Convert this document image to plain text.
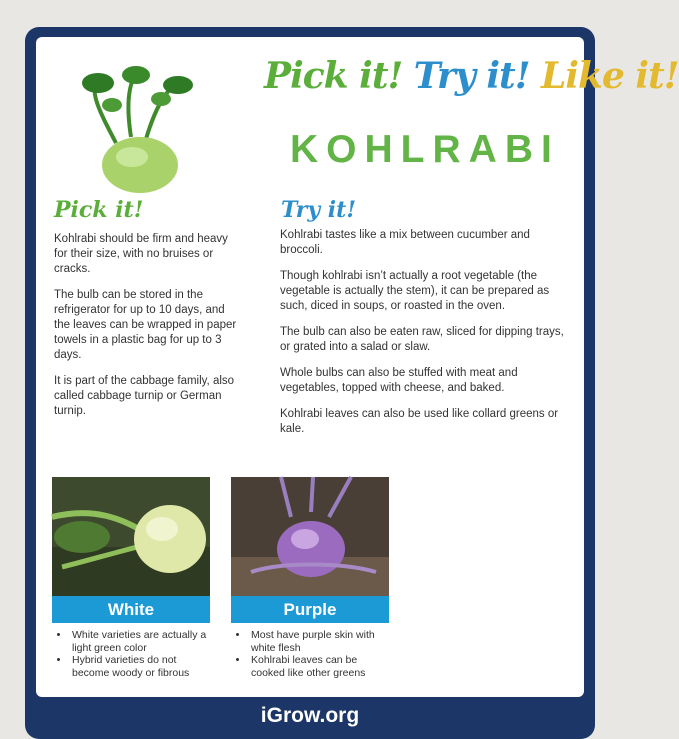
Pick it! Try it! Like it!
KOHLRABI
Pick it!

Kohlrabi should be firm and heavy for their size, with no bruises or cracks.

The bulb can be stored in the refrigerator for up to 10 days, and the leaves can be wrapped in paper towels in a plastic bag for up to 3 days.

It is part of the cabbage family, also called cabbage turnip or German turnip.

Try it!

Kohlrabi tastes like a mix between cucumber and broccoli.

Though kohlrabi isn’t actually a root vegetable (the vegetable is actually the stem), it can be prepared as such, diced in soups, or roasted in the oven.

The bulb can also be eaten raw, sliced for dipping trays, or grated into a salad or slaw.

Whole bulbs can also be stuffed with meat and vegetables, topped with cheese, and baked.

Kohlrabi leaves can also be used like collard greens or kale.

White
• White varieties are actually a light green color
• Hybrid varieties do not become woody or fibrous
Purple
• Most have purple skin with white flesh
• Kohlrabi leaves can be cooked like other greens
iGrow.org
